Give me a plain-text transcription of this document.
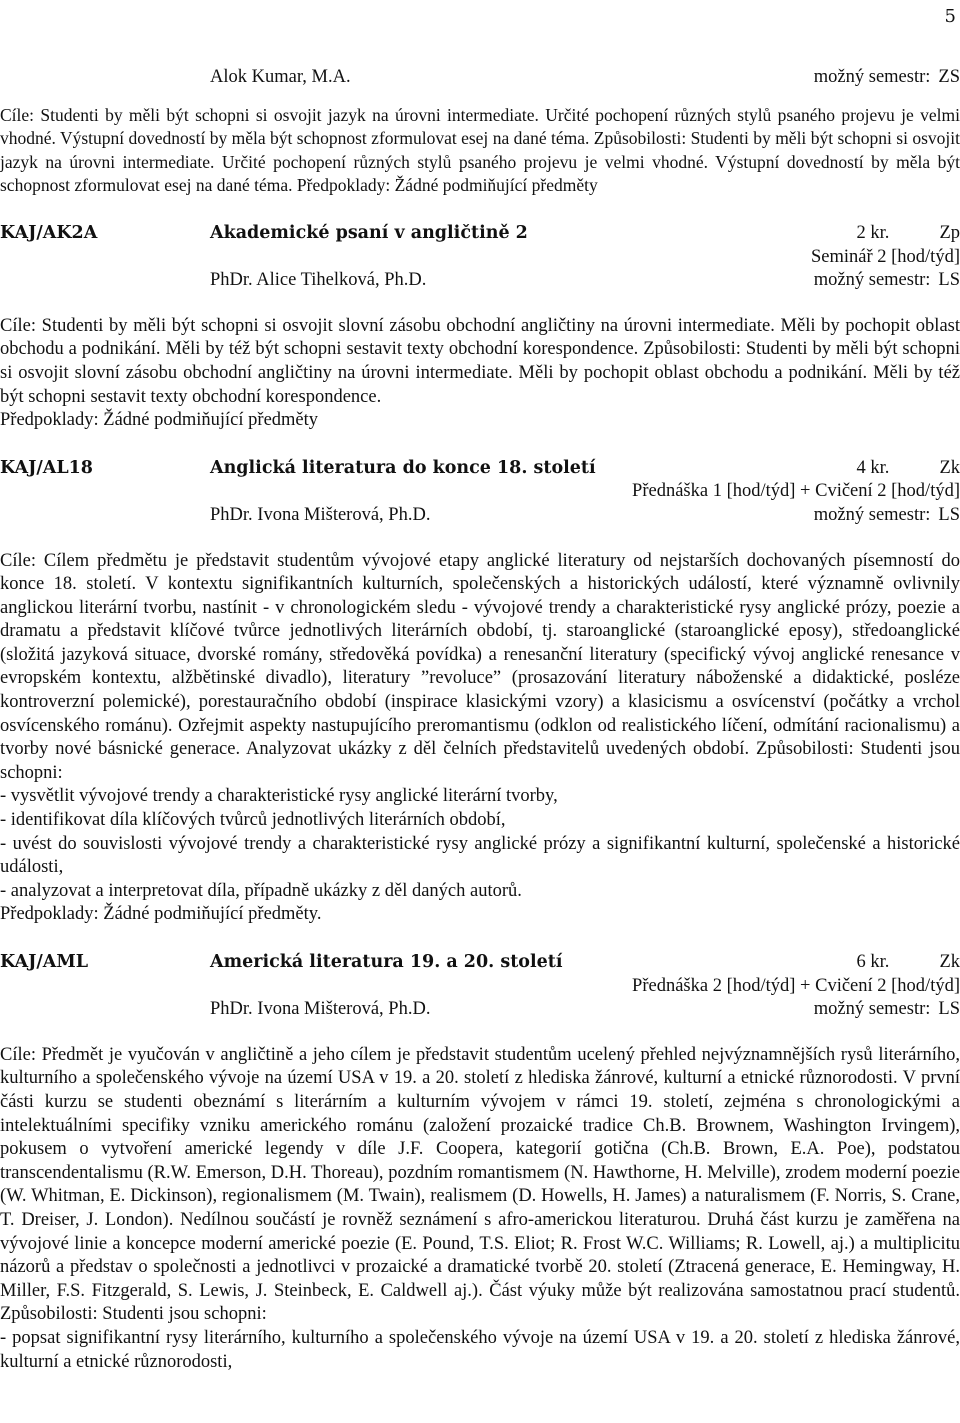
5
Alok Kumar, M.A.	možný semestr: ZS

Cíle: Studenti by měli být schopni si osvojit jazyk na úrovni intermediate. Určité pochopení různých stylů psaného projevu je velmi vhodné. Výstupní dovedností by měla být schopnost zformulovat esej na dané téma. Způsobilosti: Studenti by měli být schopni si osvojit jazyk na úrovni intermediate. Určité pochopení různých stylů psaného projevu je velmi vhodné. Výstupní dovedností by měla být schopnost zformulovat esej na dané téma. Předpoklady: Žádné podmiňující předměty

KAJ/AK2A	Akademické psaní v angličtině 2	2 kr.	Zp
Seminář 2 [hod/týd]
PhDr. Alice Tihelková, Ph.D.	možný semestr: LS

Cíle: Studenti by měli být schopni si osvojit slovní zásobu obchodní angličtiny na úrovni intermediate. Měli by pochopit oblast obchodu a podnikání. Měli by též být schopni sestavit texty obchodní korespondence. Způsobilosti: Studenti by měli být schopni si osvojit slovní zásobu obchodní angličtiny na úrovni intermediate. Měli by pochopit oblast obchodu a podnikání. Měli by též být schopni sestavit texty obchodní korespondence.

Předpoklady: Žádné podmiňující předměty

KAJ/AL18	Anglická literatura do konce 18. století	4 kr.	Zk
Přednáška 1 [hod/týd] + Cvičení 2 [hod/týd]
PhDr. Ivona Mišterová, Ph.D.	možný semestr: LS

Cíle: Cílem předmětu je představit studentům vývojové etapy anglické literatury od nejstarších dochovaných písemností do konce 18. století. V kontextu signifikantních kulturních, společenských a historických událostí, které významně ovlivnily anglickou literární tvorbu, nastínit - v chronologickém sledu - vývojové trendy a charakteristické rysy anglické prózy, poezie a dramatu a představit klíčové tvůrce jednotlivých literárních období, tj. staroanglické (staroanglické eposy), středoanglické (složitá jazyková situace, dvorské romány, středověká povídka) a renesanční literatury (specifický vývoj anglické renesance v evropském kontextu, alžbětinské divadlo), literatury ”revoluce” (prosazování literatury náboženské a didaktické, posléze kontroverzní polemické), porestauračního období (inspirace klasickými vzory) a klasicismu a osvícenství (počátky a vrchol osvícenského románu). Ozřejmit aspekty nastupujícího preromantismu (odklon od realistického líčení, odmítání racionalismu) a tvorby nové básnické generace. Analyzovat ukázky z děl čelních představitelů uvedených období. Způsobilosti: Studenti jsou schopni:

- vysvětlit vývojové trendy a charakteristické rysy anglické literární tvorby,

- identifikovat díla klíčových tvůrců jednotlivých literárních období,

- uvést do souvislosti vývojové trendy a charakteristické rysy anglické prózy a signifikantní kulturní, společenské a historické události,

- analyzovat a interpretovat díla, případně ukázky z děl daných autorů.

Předpoklady: Žádné podmiňující předměty.

KAJ/AML	Americká literatura 19. a 20. století	6 kr.	Zk
Přednáška 2 [hod/týd] + Cvičení 2 [hod/týd]
PhDr. Ivona Mišterová, Ph.D.	možný semestr: LS

Cíle: Předmět je vyučován v angličtině a jeho cílem je představit studentům ucelený přehled nejvýznamnějších rysů literárního, kulturního a společenského vývoje na území USA v 19. a 20. století z hlediska žánrové, kulturní a etnické různorodosti. V první části kurzu se studenti obeznámí s literárním a kulturním vývojem v rámci 19. století, zejména s chronologickými a intelektuálními specifiky vzniku amerického románu (založení prozaické tradice Ch.B. Brownem, Washington Irvingem), pokusem o vytvoření americké legendy v díle J.F. Coopera, kategorií gotična (Ch.B. Brown, E.A. Poe), podstatou transcendentalismu (R.W. Emerson, D.H. Thoreau), pozdním romantismem (N. Hawthorne, H. Melville), zrodem moderní poezie (W. Whitman, E. Dickinson), regionalismem (M. Twain), realismem (D. Howells, H. James) a naturalismem (F. Norris, S. Crane, T. Dreiser, J. London). Nedílnou součástí je rovněž seznámení s afro-americkou literaturou. Druhá část kurzu je zaměřena na vývojové linie a koncepce moderní americké poezie (E. Pound, T.S. Eliot; R. Frost W.C. Williams; R. Lowell, aj.) a multiplicitu názorů a představ o společnosti a jednotlivci v prozaické a dramatické tvorbě 20. století (Ztracená generace, E. Hemingway, H. Miller, F.S. Fitzgerald, S. Lewis, J. Steinbeck, E. Caldwell aj.). Část výuky může být realizována samostatnou prací studentů. Způsobilosti: Studenti jsou schopni:

- popsat signifikantní rysy literárního, kulturního a společenského vývoje na území USA v 19. a 20. století z hlediska žánrové, kulturní a etnické různorodosti,
